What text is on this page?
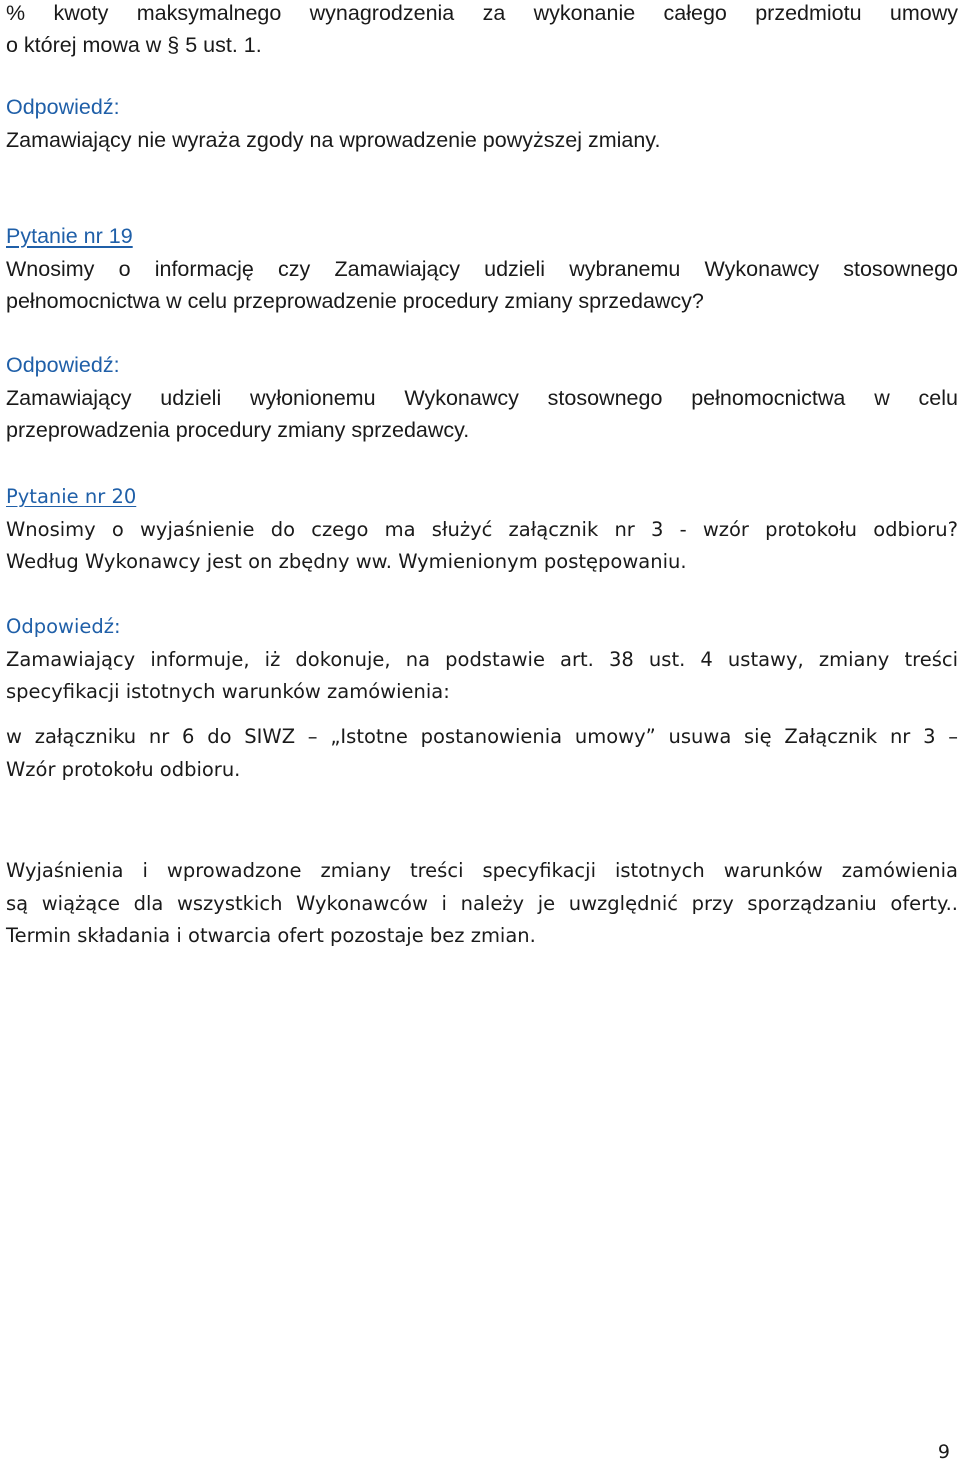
% kwoty maksymalnego wynagrodzenia za wykonanie całego przedmiotu umowy
o której mowa w § 5 ust. 1.
Odpowiedź:
Zamawiający nie wyraża zgody na wprowadzenie powyższej zmiany.
Pytanie nr 19
Wnosimy o informację czy Zamawiający udzieli wybranemu Wykonawcy stosownego
pełnomocnictwa w celu przeprowadzenie procedury zmiany sprzedawcy?
Odpowiedź:
Zamawiający udzieli wyłonionemu Wykonawcy stosownego pełnomocnictwa w celu
przeprowadzenia procedury zmiany sprzedawcy.
Pytanie nr 20
Wnosimy o wyjaśnienie do czego ma służyć załącznik nr 3 - wzór protokołu odbioru?
Według Wykonawcy jest on zbędny ww. Wymienionym postępowaniu.
Odpowiedź:
Zamawiający informuje, iż dokonuje, na podstawie art. 38 ust. 4 ustawy, zmiany treści
specyfikacji istotnych warunków zamówienia:
w załączniku nr 6 do SIWZ – „Istotne postanowienia umowy” usuwa się Załącznik nr 3 –
Wzór protokołu odbioru.
Wyjaśnienia i wprowadzone zmiany treści specyfikacji istotnych warunków zamówienia
są wiążące dla wszystkich Wykonawców i należy je uwzględnić przy sporządzaniu oferty..
Termin składania i otwarcia ofert pozostaje bez zmian.
9
